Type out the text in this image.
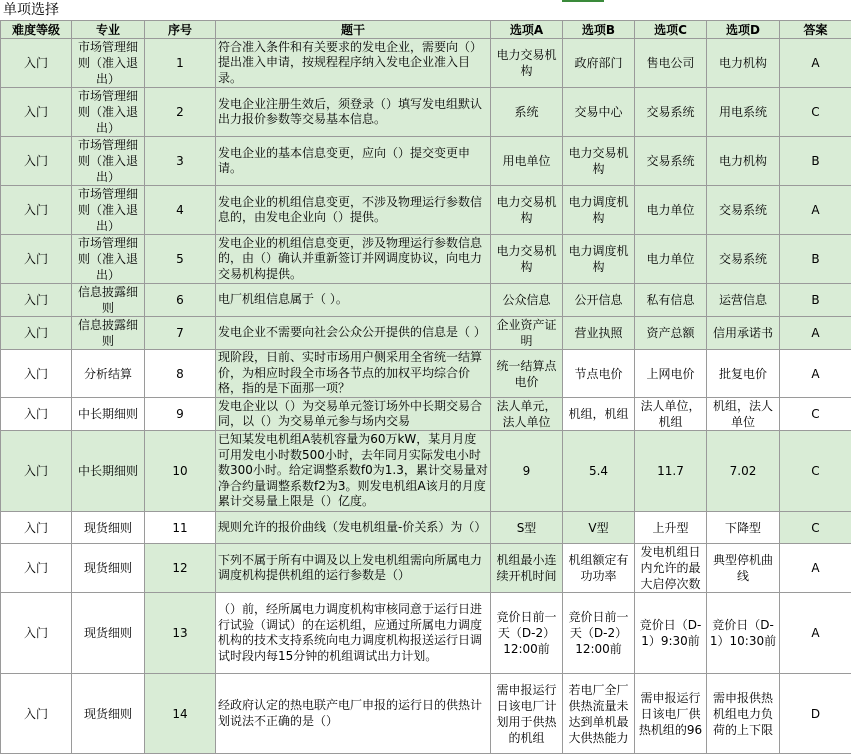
单项选择
难度等级	专业	序号	题干	选项A	选项B	选项C	选项D	答案
入门	市场管理细则（准入退出）	1	符合准入条件和有关要求的发电企业，需要向（）提出准入申请，按规程程序纳入发电企业准入目录。	电力交易机构	政府部门	售电公司	电力机构	A
入门	市场管理细则（准入退出）	2	发电企业注册生效后，须登录（）填写发电组默认出力报价参数等交易基本信息。	系统	交易中心	交易系统	用电系统	C
入门	市场管理细则（准入退出）	3	发电企业的基本信息变更，应向（）提交变更申请。	用电单位	电力交易机构	交易系统	电力机构	B
入门	市场管理细则（准入退出）	4	发电企业的机组信息变更，不涉及物理运行参数信息的，由发电企业向（）提供。	电力交易机构	电力调度机构	电力单位	交易系统	A
入门	市场管理细则（准入退出）	5	发电企业的机组信息变更，涉及物理运行参数信息的，由（）确认并重新签订并网调度协议，向电力交易机构提供。	电力交易机构	电力调度机构	电力单位	交易系统	B
入门	信息披露细则	6	电厂机组信息属于（ ）。	公众信息	公开信息	私有信息	运营信息	B
入门	信息披露细则	7	发电企业不需要向社会公众公开提供的信息是（ ）	企业资产证明	营业执照	资产总额	信用承诺书	A
入门	分析结算	8	现阶段，日前、实时市场用户侧采用全省统一结算价，为相应时段全市场各节点的加权平均综合价格，指的是下面那一项？	统一结算点电价	节点电价	上网电价	批复电价	A
入门	中长期细则	9	发电企业以（）为交易单元签订场外中长期交易合同，以（）为交易单元参与场内交易	法人单元，法人单位	机组，机组	法人单位，机组	机组，法人单位	C
入门	中长期细则	10	已知某发电机组A装机容量为60万kW，某月月度可用发电小时数500小时，去年同月实际发电小时数300小时。给定调整系数f0为1.3，累计交易量对净合约量调整系数f2为3。则发电机组A该月的月度累计交易量上限是（）亿度。	9	5.4	11.7	7.02	C
入门	现货细则	11	规则允许的报价曲线（发电机组量-价关系）为（）	S型	V型	上升型	下降型	C
入门	现货细则	12	下列不属于所有中调及以上发电机组需向所属电力调度机构提供机组的运行参数是（）	机组最小连续开机时间	机组额定有功功率	发电机组日内允许的最大启停次数	典型停机曲线	A
入门	现货细则	13	（）前，经所属电力调度机构审核同意于运行日进行试验（调试）的在运机组，应通过所属电力调度机构的技术支持系统向电力调度机构报送运行日调试时段内每15分钟的机组调试出力计划。	竞价日前一天（D-2）12:00前	竞价日前一天（D-2）12:00前	竞价日（D-1）9:30前	竞价日（D-1）10:30前	A
入门	现货细则	14	经政府认定的热电联产电厂申报的运行日的供热计划说法不正确的是（）	需申报运行日该电厂计划用于供热的机组	若电厂全厂供热流量未达到单机最大供热能力	需申报运行日该电厂供热机组的96	需申报供热机组电力负荷的上下限	D
